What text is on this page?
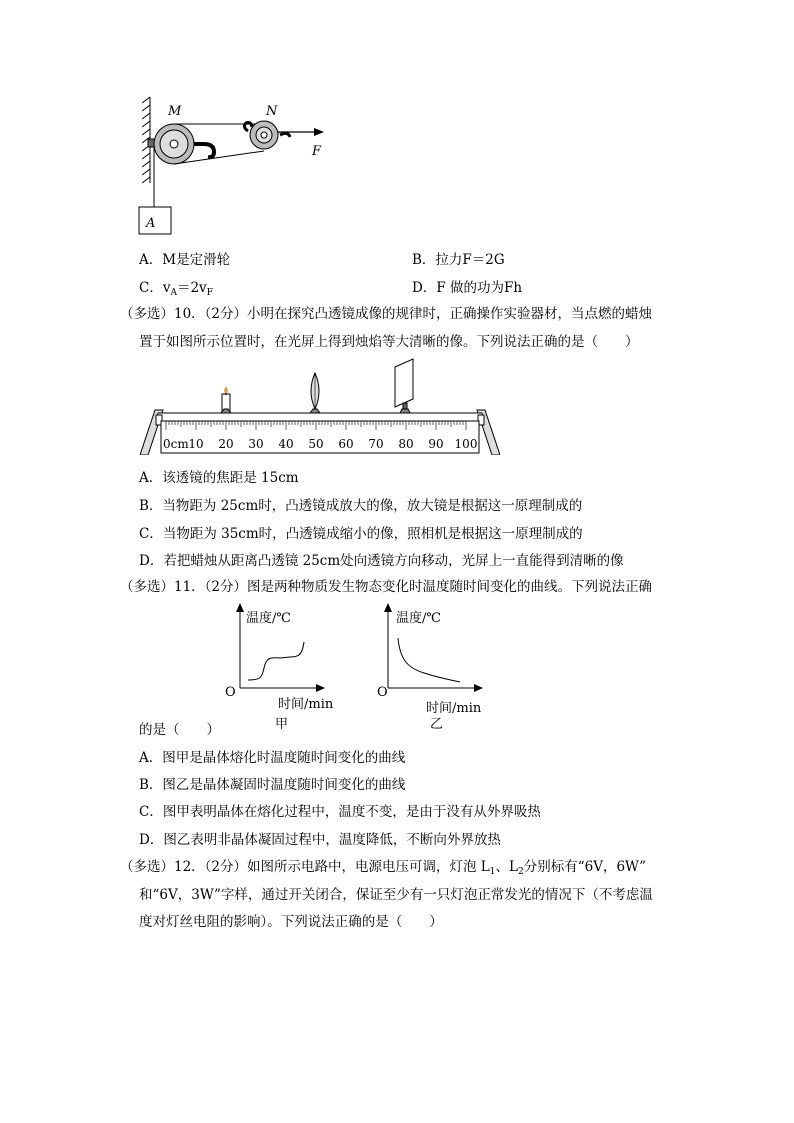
A
M	N
F
A．M是定滑轮	B．拉力F＝2G
C．$v_A=2v_F$	D．F 做的功为Fh
（多选）10．（2分）小明在探究凸透镜成像的规律时，正确操作实验器材，当点燃的蜡烛
置于如图所示位置时，在光屏上得到烛焰等大清晰的像。下列说法正确的是（　　）
0cm 10 20 30 40 50 60 70 80 90 100
A．该透镜的焦距是 15cm
B．当物距为 25cm时，凸透镜成放大的像，放大镜是根据这一原理制成的
C．当物距为 35cm时，凸透镜成缩小的像，照相机是根据这一原理制成的
D．若把蜡烛从距离凸透镜 25cm处向透镜方向移动，光屏上一直能得到清晰的像
（多选）11．（2分）图是两种物质发生物态变化时温度随时间变化的曲线。下列说法正确
温度/℃
O
时间/min
甲
温度/℃
O
时间/min
乙
的是（　　）
A．图甲是晶体熔化时温度随时间变化的曲线
B．图乙是晶体凝固时温度随时间变化的曲线
C．图甲表明晶体在熔化过程中，温度不变，是由于没有从外界吸热
D．图乙表明非晶体凝固过程中，温度降低，不断向外界放热
（多选）12．（2分）如图所示电路中，电源电压可调，灯泡 $L_1$、$L_2$分别标有“6V，6W”
和“6V，3W”字样，通过开关闭合，保证至少有一只灯泡正常发光的情况下（不考虑温
度对灯丝电阻的影响）。下列说法正确的是（　　）
